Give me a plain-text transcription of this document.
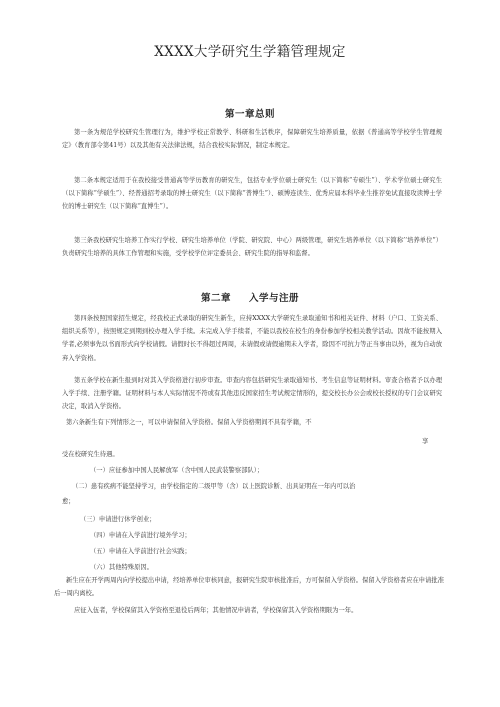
XXXX大学研究生学籍管理规定
第一章总则
第一条为规范学校研究生管理行为，维护学校正常教学、科研和生活秩序，保障研究生培养质量，依据《普通高等学校学生管理规定》（教育部令第41号）以及其他有关法律法规，结合我校实际情况，制定本规定。
第二条本规定适用于在我校接受普通高等学历教育的研究生，包括专业学位硕士研究生（以下简称“专硕生”）、学术学位硕士研究生（以下简称“学硕生”）、经普通招考录取的博士研究生（以下简称“普博生”）、硕博连读生、优秀应届本科毕业生推荐免试直接攻读博士学位的博士研究生（以下简称“直博生”）。
第三条我校研究生培养工作实行学校、研究生培养单位（学院、研究院、中心）两级管理，研究生培养单位（以下简称’‘培养单位”）负责研究生培养的具体工作管理和实施，受学校学位评定委员会、研究生院的指导和监督。
第二章 入学与注册
第四条按照国家招生规定，经我校正式录取的研究生新生，应持XXXX大学研究生录取通知书和相关证件、材料（户口、工资关系、组织关系等），按照规定到期到校办理入学手续。未完成入学手续者，不能以我校在校生的身份参加学校相关教学活动。因故不能按期入学者,必须事先以书面形式向学校请假。请假时长不得超过两周，未请假或请假逾期未入学者，除因不可抗力等正当事由以外，视为自动放弃入学资格。
第五条学校在新生报到时对其入学资格进行初步审查。审查内容包括研究生录取通知书、考生信息等证明材料。审查合格者予以办理入学手续、注册学籍。证明材料与本人实际情况不符或有其他违反国家招生考试规定情形的，提交校长办公会或校长授权的专门会议研究决定，取消入学资格。
第六条新生有下列情形之一，可以申请保留入学资格。保留入学资格期间不具有学籍，不
享
受在校研究生待遇。
（一）应征参加中国人民解放军（含中国人民武装警察部队）；
（二）患有疾病不能坚持学习，由学校指定的二级甲等（含）以上医院诊断、出具证明在一年内可以治
愈；
（三）申请进行休学创业；
（四）申请在入学前进行境外学习；
（五）申请在入学前进行社会实践；
（六）其他特殊原因。
新生应在开学两周内向学校提出申请，经培养单位审核同意，报研究生院审核批准后，方可保留入学资格。保留入学资格者应在申请批准后一周内离校。
应征入伍者，学校保留其入学资格至退役后两年；其他情况申请者，学校保留其入学资格期限为一年。
